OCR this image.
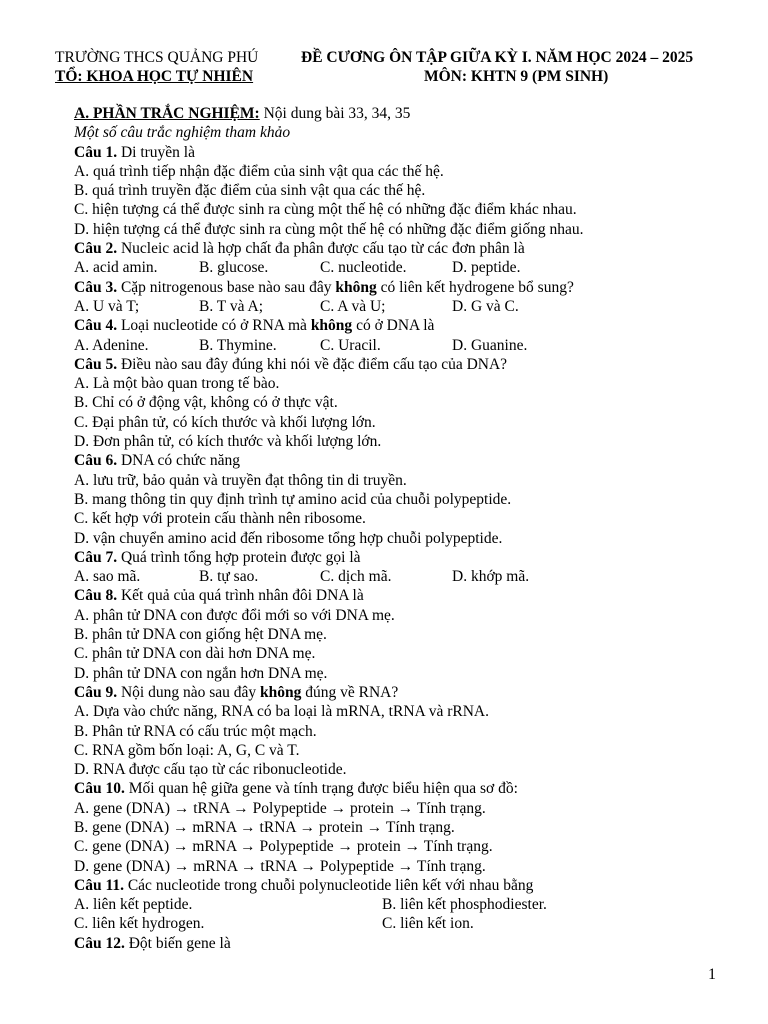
TRƯỜNG THCS QUẢNG PHÚ
TỔ: KHOA HỌC TỰ NHIÊN
ĐỀ CƯƠNG ÔN TẬP GIỮA KỲ I. NĂM HỌC 2024 – 2025
MÔN: KHTN 9 (PM SINH)
A. PHẦN TRẮC NGHIỆM: Nội dung bài 33, 34, 35
Một số câu trắc nghiệm tham khảo
Câu 1. Di truyền là
A. quá trình tiếp nhận đặc điểm của sinh vật qua các thế hệ.
B. quá trình truyền đặc điểm của sinh vật qua các thế hệ.
C. hiện tượng cá thể được sinh ra cùng một thế hệ có những đặc điểm khác nhau.
D. hiện tượng cá thể được sinh ra cùng một thế hệ có những đặc điểm giống nhau.
Câu 2. Nucleic acid là hợp chất đa phân được cấu tạo từ các đơn phân là
A. acid amin.	B. glucose.	C. nucleotide.	D. peptide.
Câu 3. Cặp nitrogenous base nào sau đây không có liên kết hydrogene bổ sung?
A. U và T;	B. T và A;	C. A và U;	D. G và C.
Câu 4. Loại nucleotide có ở RNA mà không có ở DNA là
A. Adenine.	B. Thymine.	C. Uracil.	D. Guanine.
Câu 5. Điều nào sau đây đúng khi nói về đặc điểm cấu tạo của DNA?
A. Là một bào quan trong tế bào.
B. Chỉ có ở động vật, không có ở thực vật.
C. Đại phân tử, có kích thước và khối lượng lớn.
D. Đơn phân tử, có kích thước và khối lượng lớn.
Câu 6. DNA có chức năng
A. lưu trữ, bảo quản và truyền đạt thông tin di truyền.
B. mang thông tin quy định trình tự amino acid của chuỗi polypeptide.
C. kết hợp với protein cấu thành nên ribosome.
D. vận chuyển amino acid đến ribosome tổng hợp chuỗi polypeptide.
Câu 7. Quá trình tổng hợp protein được gọi là
A. sao mã.	B. tự sao.	C. dịch mã.	D. khớp mã.
Câu 8. Kết quả của quá trình nhân đôi DNA là
A. phân tử DNA con được đổi mới so với DNA mẹ.
B. phân tử DNA con giống hệt DNA mẹ.
C. phân tử DNA con dài hơn DNA mẹ.
D. phân tử DNA con ngắn hơn DNA mẹ.
Câu 9. Nội dung nào sau đây không đúng về RNA?
A. Dựa vào chức năng, RNA có ba loại là mRNA, tRNA và rRNA.
B. Phân tử RNA có cấu trúc một mạch.
C. RNA gồm bốn loại: A, G, C và T.
D. RNA được cấu tạo từ các ribonucleotide.
Câu 10. Mối quan hệ giữa gene và tính trạng được biểu hiện qua sơ đồ:
A. gene (DNA) → tRNA → Polypeptide → protein → Tính trạng.
B. gene (DNA) → mRNA → tRNA → protein → Tính trạng.
C. gene (DNA) → mRNA → Polypeptide → protein → Tính trạng.
D. gene (DNA) → mRNA → tRNA → Polypeptide → Tính trạng.
Câu 11. Các nucleotide trong chuỗi polynucleotide liên kết với nhau bằng
A. liên kết peptide.	B. liên kết phosphodiester.
C. liên kết hydrogen.	C. liên kết ion.
Câu 12. Đột biến gene là
1
